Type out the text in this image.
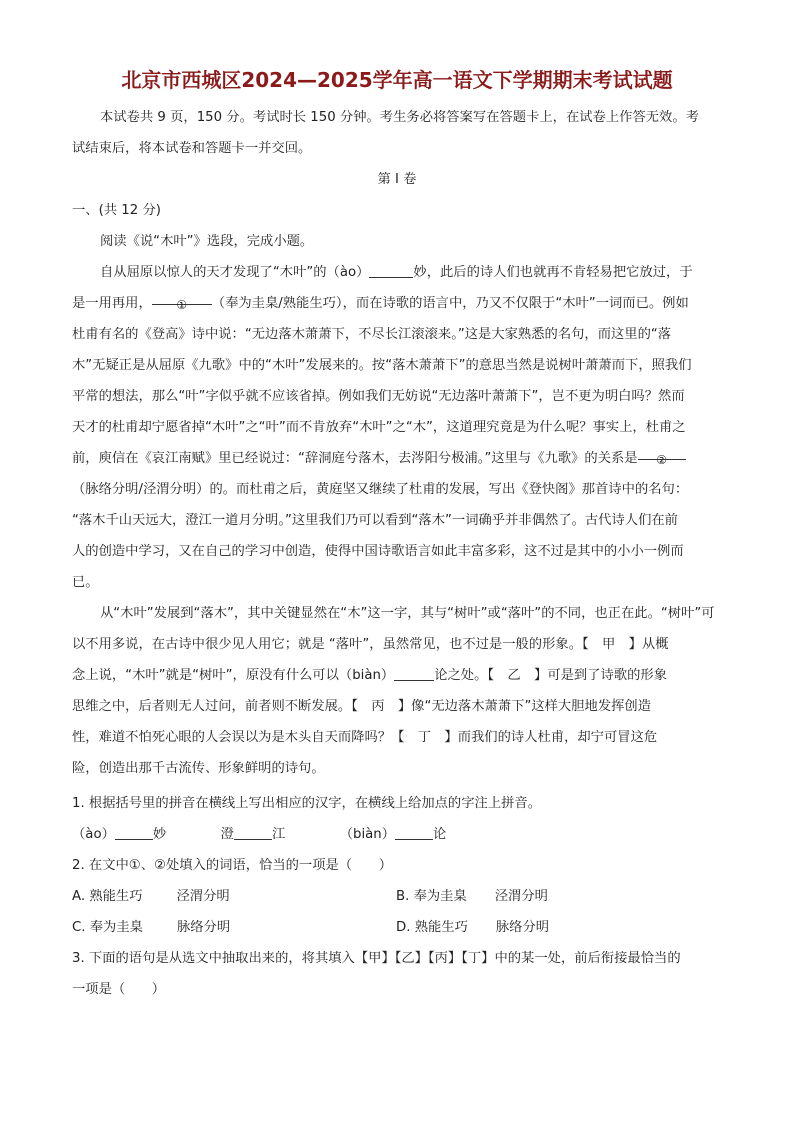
北京市西城区2024—2025学年高一语文下学期期末考试试题
本试卷共 9 页，150 分。考试时长 150 分钟。考生务必将答案写在答题卡上，在试卷上作答无效。考
试结束后，将本试卷和答题卡一并交回。
第 I 卷
一、(共 12 分)
阅读《说“木叶”》选段，完成小题。
自从屈原以惊人的天才发现了“木叶”的（ào）	妙，此后的诗人们也就再不肯轻易把它放过，于
是一用再用， ① （奉为圭臬/熟能生巧），而在诗歌的语言中，乃又不仅限于“木叶”一词而已。例如
杜甫有名的《登高》诗中说：“无边落木萧萧下，不尽长江滚滚来。”这是大家熟悉的名句，而这里的“落
木”无疑正是从屈原《九歌》中的“木叶”发展来的。按“落木萧萧下”的意思当然是说树叶萧萧而下，照我们
平常的想法，那么“叶”字似乎就不应该省掉。例如我们无妨说“无边落叶萧萧下”，岂不更为明白吗？然而
天才的杜甫却宁愿省掉“木叶”之“叶”而不肯放弃“木叶”之“木”，这道理究竟是为什么呢？事实上，杜甫之
前，庾信在《哀江南赋》里已经说过：“辞洞庭兮落木，去涔阳兮极浦。”这里与《九歌》的关系是 ②
（脉络分明/泾渭分明）的。而杜甫之后，黄庭坚又继续了杜甫的发展，写出《登快阁》那首诗中的名句：
“落木千山天远大，澄江一道月分明。”这里我们乃可以看到“落木”一词确乎并非偶然了。古代诗人们在前
人的创造中学习，又在自己的学习中创造，使得中国诗歌语言如此丰富多彩，这不过是其中的小小一例而
已。
从“木叶”发展到“落木”，其中关键显然在“木”这一字，其与“树叶”或“落叶”的不同，也正在此。“树叶”可
以不用多说，在古诗中很少见人用它；就是 “落叶”，虽然常见，也不过是一般的形象。【 甲 】从概
念上说，“木叶”就是“树叶”，原没有什么可以（biàn）	论之处。【 乙 】可是到了诗歌的形象
思维之中，后者则无人过问，前者则不断发展。【 丙 】像“无边落木萧萧下”这样大胆地发挥创造
性，难道不怕死心眼的人会误以为是木头自天而降吗？【 丁 】而我们的诗人杜甫，却宁可冒这危
险，创造出那千古流传、形象鲜明的诗句。
1. 根据括号里的拼音在横线上写出相应的汉字，在横线上给加点的字注上拼音。
（ào）	妙	澄	江	（biàn）	论
2. 在文中①、②处填入的词语，恰当的一项是（　　）
A. 熟能生巧	泾渭分明	B. 奉为圭臬 泾渭分明
C. 奉为圭臬	脉络分明	D. 熟能生巧 脉络分明
3. 下面的语句是从选文中抽取出来的，将其填入【甲】【乙】【丙】【丁】中的某一处，前后衔接最恰当的
一项是（　　）
